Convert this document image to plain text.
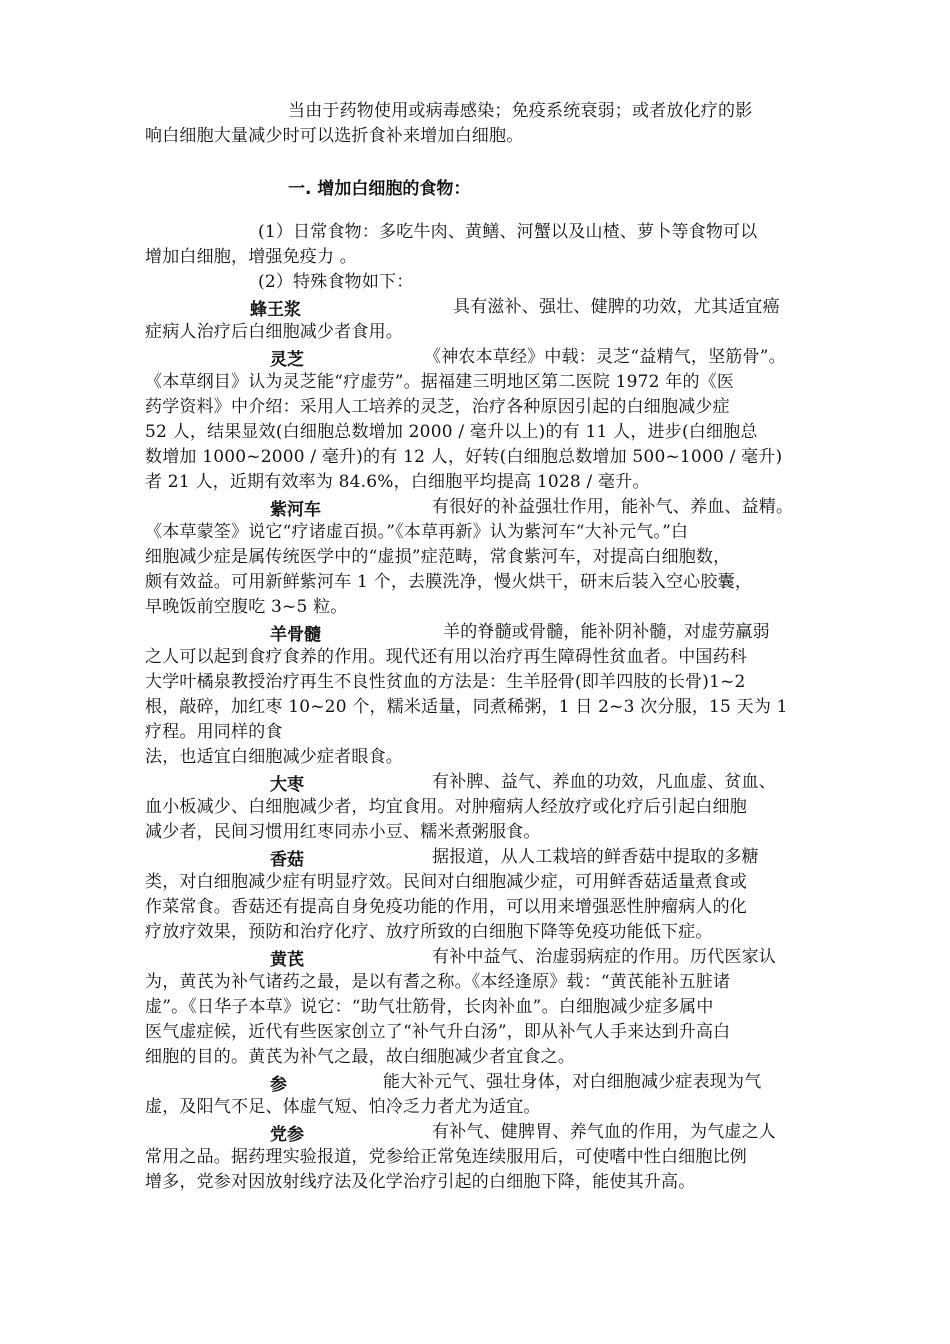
当由于药物使用或病毒感染；免疫系统衰弱；或者放化疗的影
响白细胞大量减少时可以选折食补来增加白细胞。
一. 增加白细胞的食物：
(1）日常食物：多吃牛肉、黄鳝、河蟹以及山楂、萝卜等食物可以
增加白细胞，增强免疫力 。
(2）特殊食物如下：
蜂王浆	具有滋补、强壮、健脾的功效，尤其适宜癌
症病人治疗后白细胞减少者食用。
灵芝	《神农本草经》中载：灵芝“益精气，坚筋骨”。
《本草纲目》认为灵芝能“疗虚劳”。据福建三明地区第二医院 1972 年的《医
药学资料》中介绍：采用人工培养的灵芝，治疗各种原因引起的白细胞减少症
52 人，结果显效(白细胞总数增加 2000 / 毫升以上)的有 11 人，进步(白细胞总
数增加 1000~2000 / 毫升)的有 12 人，好转(白细胞总数增加 500~1000 / 毫升)
者 21 人，近期有效率为 84.6%，白细胞平均提高 1028 / 毫升。
紫河车	有很好的补益强壮作用，能补气、养血、益精。
《本草蒙筌》说它“疗诸虚百损。”《本草再新》认为紫河车“大补元气。”白
细胞减少症是属传统医学中的“虚损”症范畴，常食紫河车，对提高白细胞数，
颇有效益。可用新鲜紫河车 1 个，去膜洗净，慢火烘干，研末后装入空心胶囊，
早晚饭前空腹吃 3~5 粒。
羊骨髓	羊的脊髓或骨髓，能补阴补髓，对虚劳羸弱
之人可以起到食疗食养的作用。现代还有用以治疗再生障碍性贫血者。中国药科
大学叶橘泉教授治疗再生不良性贫血的方法是：生羊胫骨(即羊四肢的长骨)1~2
根，敲碎，加红枣 10~20 个，糯米适量，同煮稀粥，1 日 2~3 次分服，15 天为 1
疗程。用同样的食
法，也适宜白细胞减少症者眼食。
大枣	有补脾、益气、养血的功效，凡血虚、贫血、
血小板减少、白细胞减少者，均宜食用。对肿瘤病人经放疗或化疗后引起白细胞
减少者，民间习惯用红枣同赤小豆、糯米煮粥服食。
香菇	据报道，从人工栽培的鲜香菇中提取的多糖
类，对白细胞减少症有明显疗效。民间对白细胞减少症，可用鲜香菇适量煮食或
作菜常食。香菇还有提高自身免疫功能的作用，可以用来增强恶性肿瘤病人的化
疗放疗效果，预防和治疗化疗、放疗所致的白细胞下降等免疫功能低下症。
黄芪	有补中益气、治虚弱病症的作用。历代医家认
为，黄芪为补气诸药之最，是以有耆之称。《本经逢原》载：“黄芪能补五脏诸
虚”。《日华子本草》说它：“助气壮筋骨，长肉补血”。白细胞减少症多属中
医气虚症候，近代有些医家创立了“补气升白汤”，即从补气人手来达到升高白
细胞的目的。黄芪为补气之最，故白细胞减少者宜食之。
参	能大补元气、强壮身体，对白细胞减少症表现为气
虚，及阳气不足、体虚气短、怕冷乏力者尤为适宜。
党参	有补气、健脾胃、养气血的作用，为气虚之人
常用之品。据药理实验报道，党参给正常兔连续服用后，可使嗜中性白细胞比例
增多，党参对因放射线疗法及化学治疗引起的白细胞下降，能使其升高。
